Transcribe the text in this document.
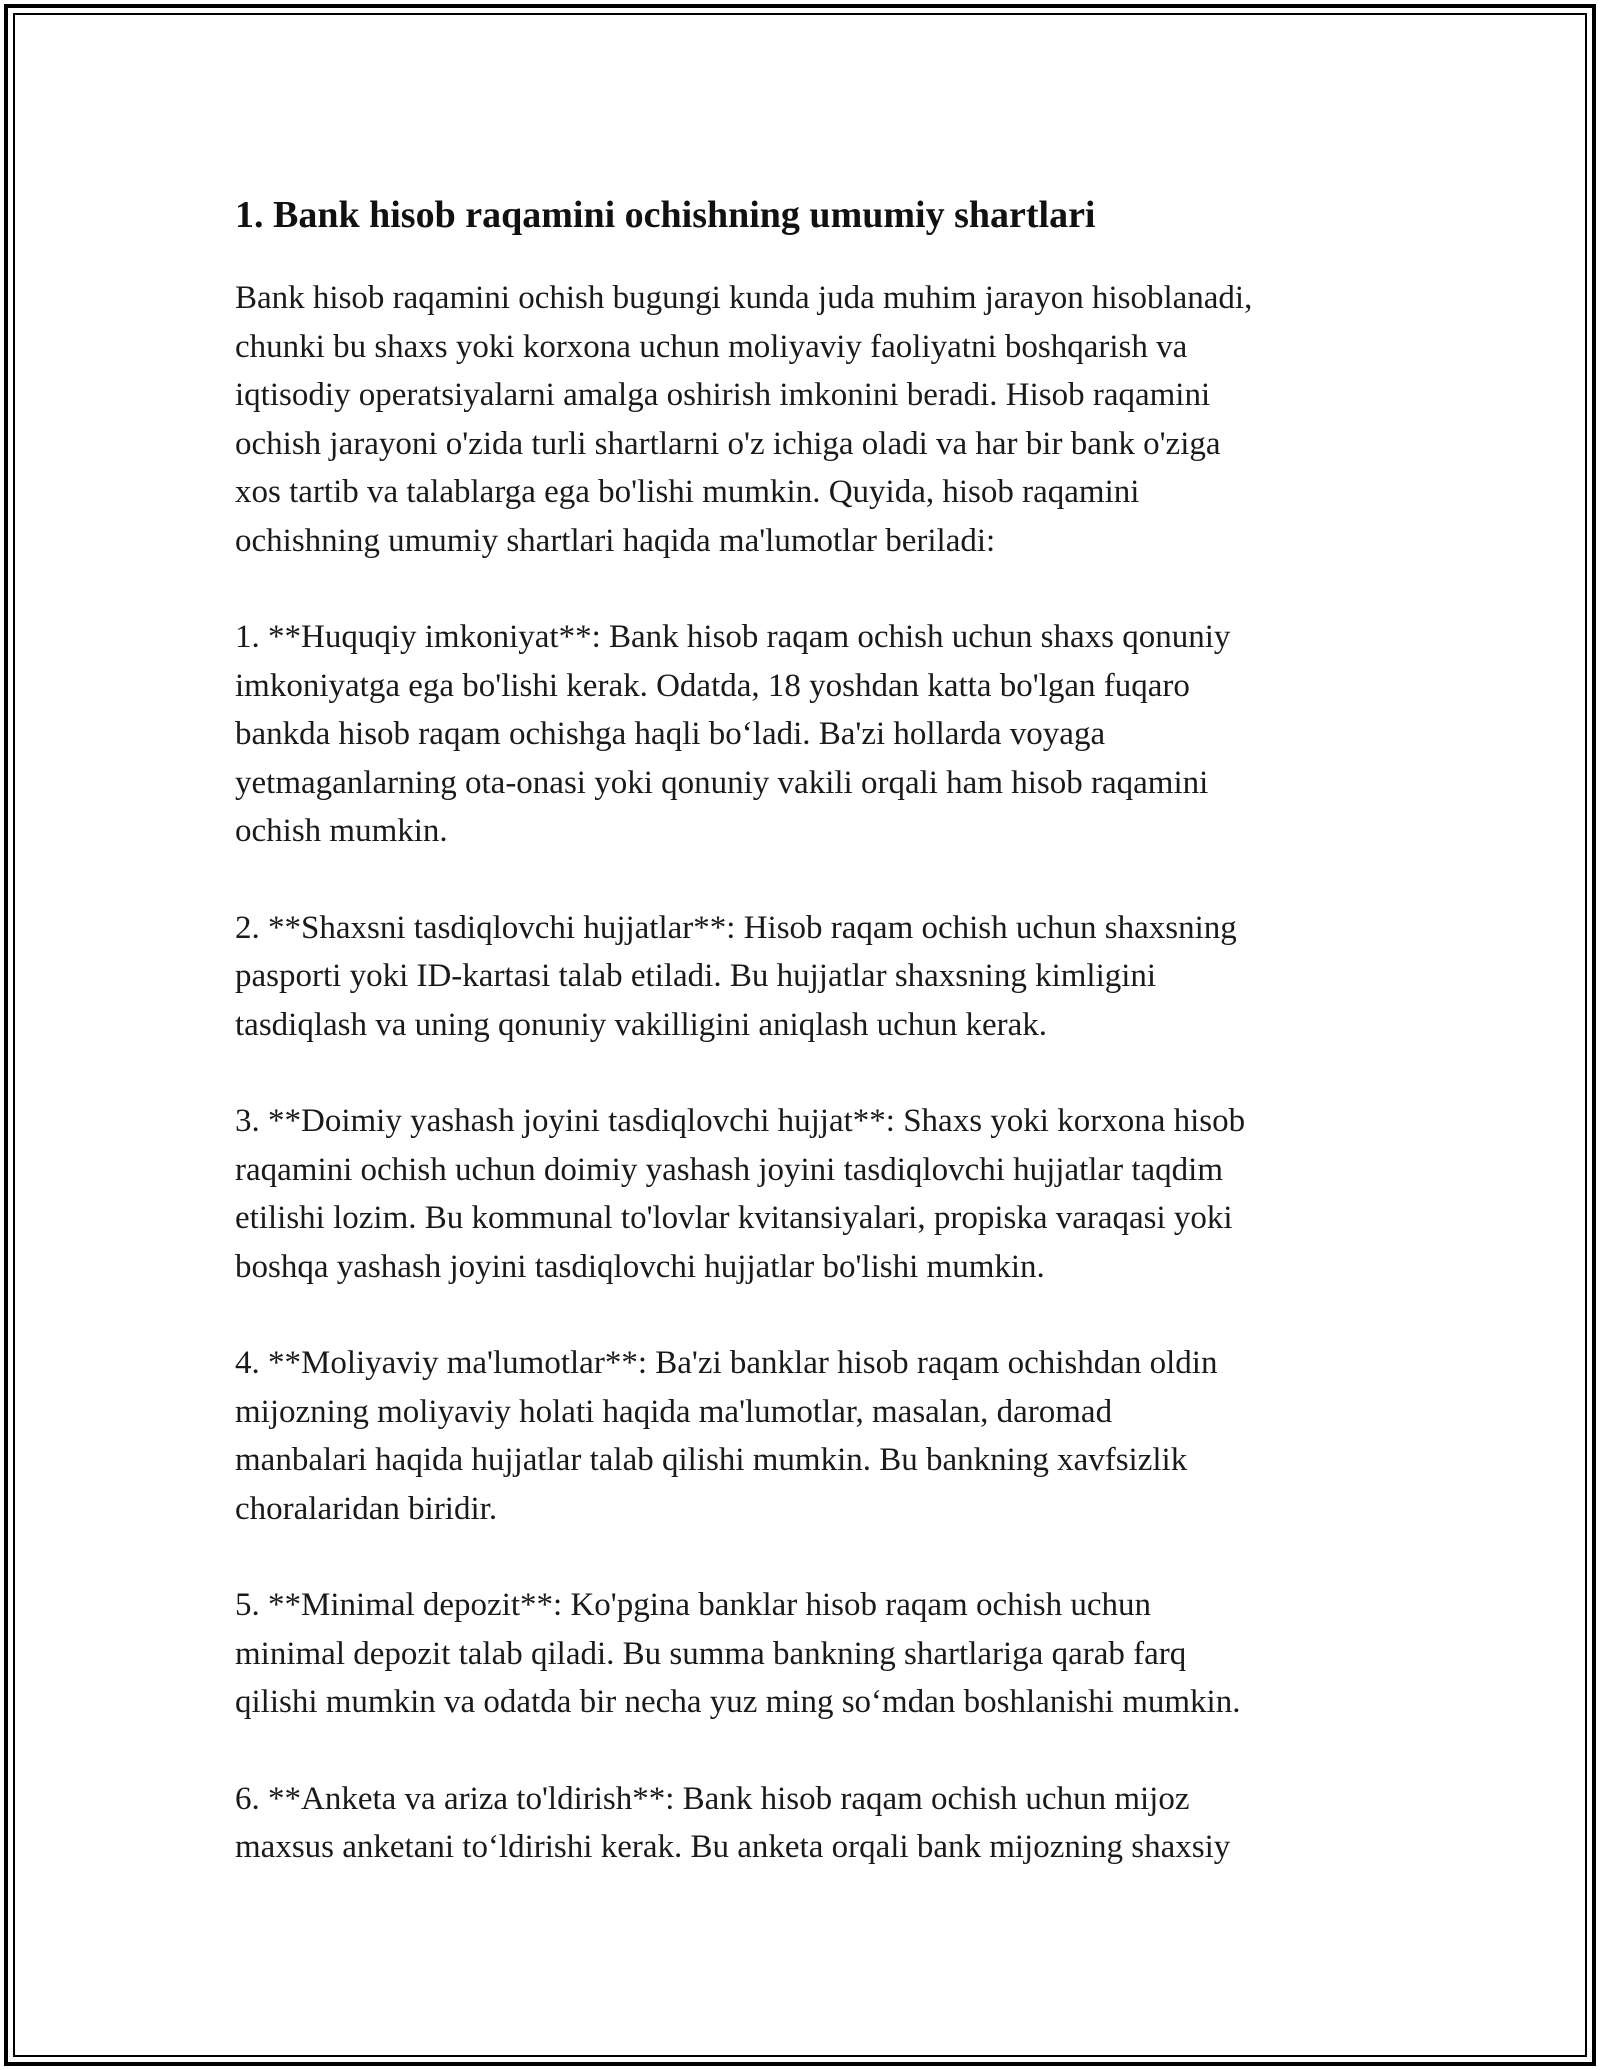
1. Bank hisob raqamini ochishning umumiy shartlari

Bank hisob raqamini ochish bugungi kunda juda muhim jarayon hisoblanadi,
chunki bu shaxs yoki korxona uchun moliyaviy faoliyatni boshqarish va
iqtisodiy operatsiyalarni amalga oshirish imkonini beradi. Hisob raqamini
ochish jarayoni o'zida turli shartlarni o'z ichiga oladi va har bir bank o'ziga
xos tartib va talablarga ega bo'lishi mumkin. Quyida, hisob raqamini
ochishning umumiy shartlari haqida ma'lumotlar beriladi:

1. **Huquqiy imkoniyat**: Bank hisob raqam ochish uchun shaxs qonuniy
imkoniyatga ega bo'lishi kerak. Odatda, 18 yoshdan katta bo'lgan fuqaro
bankda hisob raqam ochishga haqli bo‘ladi. Ba'zi hollarda voyaga
yetmaganlarning ota-onasi yoki qonuniy vakili orqali ham hisob raqamini
ochish mumkin.

2. **Shaxsni tasdiqlovchi hujjatlar**: Hisob raqam ochish uchun shaxsning
pasporti yoki ID-kartasi talab etiladi. Bu hujjatlar shaxsning kimligini
tasdiqlash va uning qonuniy vakilligini aniqlash uchun kerak.

3. **Doimiy yashash joyini tasdiqlovchi hujjat**: Shaxs yoki korxona hisob
raqamini ochish uchun doimiy yashash joyini tasdiqlovchi hujjatlar taqdim
etilishi lozim. Bu kommunal to'lovlar kvitansiyalari, propiska varaqasi yoki
boshqa yashash joyini tasdiqlovchi hujjatlar bo'lishi mumkin.

4. **Moliyaviy ma'lumotlar**: Ba'zi banklar hisob raqam ochishdan oldin
mijozning moliyaviy holati haqida ma'lumotlar, masalan, daromad
manbalari haqida hujjatlar talab qilishi mumkin. Bu bankning xavfsizlik
choralaridan biridir.

5. **Minimal depozit**: Ko'pgina banklar hisob raqam ochish uchun
minimal depozit talab qiladi. Bu summa bankning shartlariga qarab farq
qilishi mumkin va odatda bir necha yuz ming so‘mdan boshlanishi mumkin.

6. **Anketa va ariza to'ldirish**: Bank hisob raqam ochish uchun mijoz
maxsus anketani to‘ldirishi kerak. Bu anketa orqali bank mijozning shaxsiy
